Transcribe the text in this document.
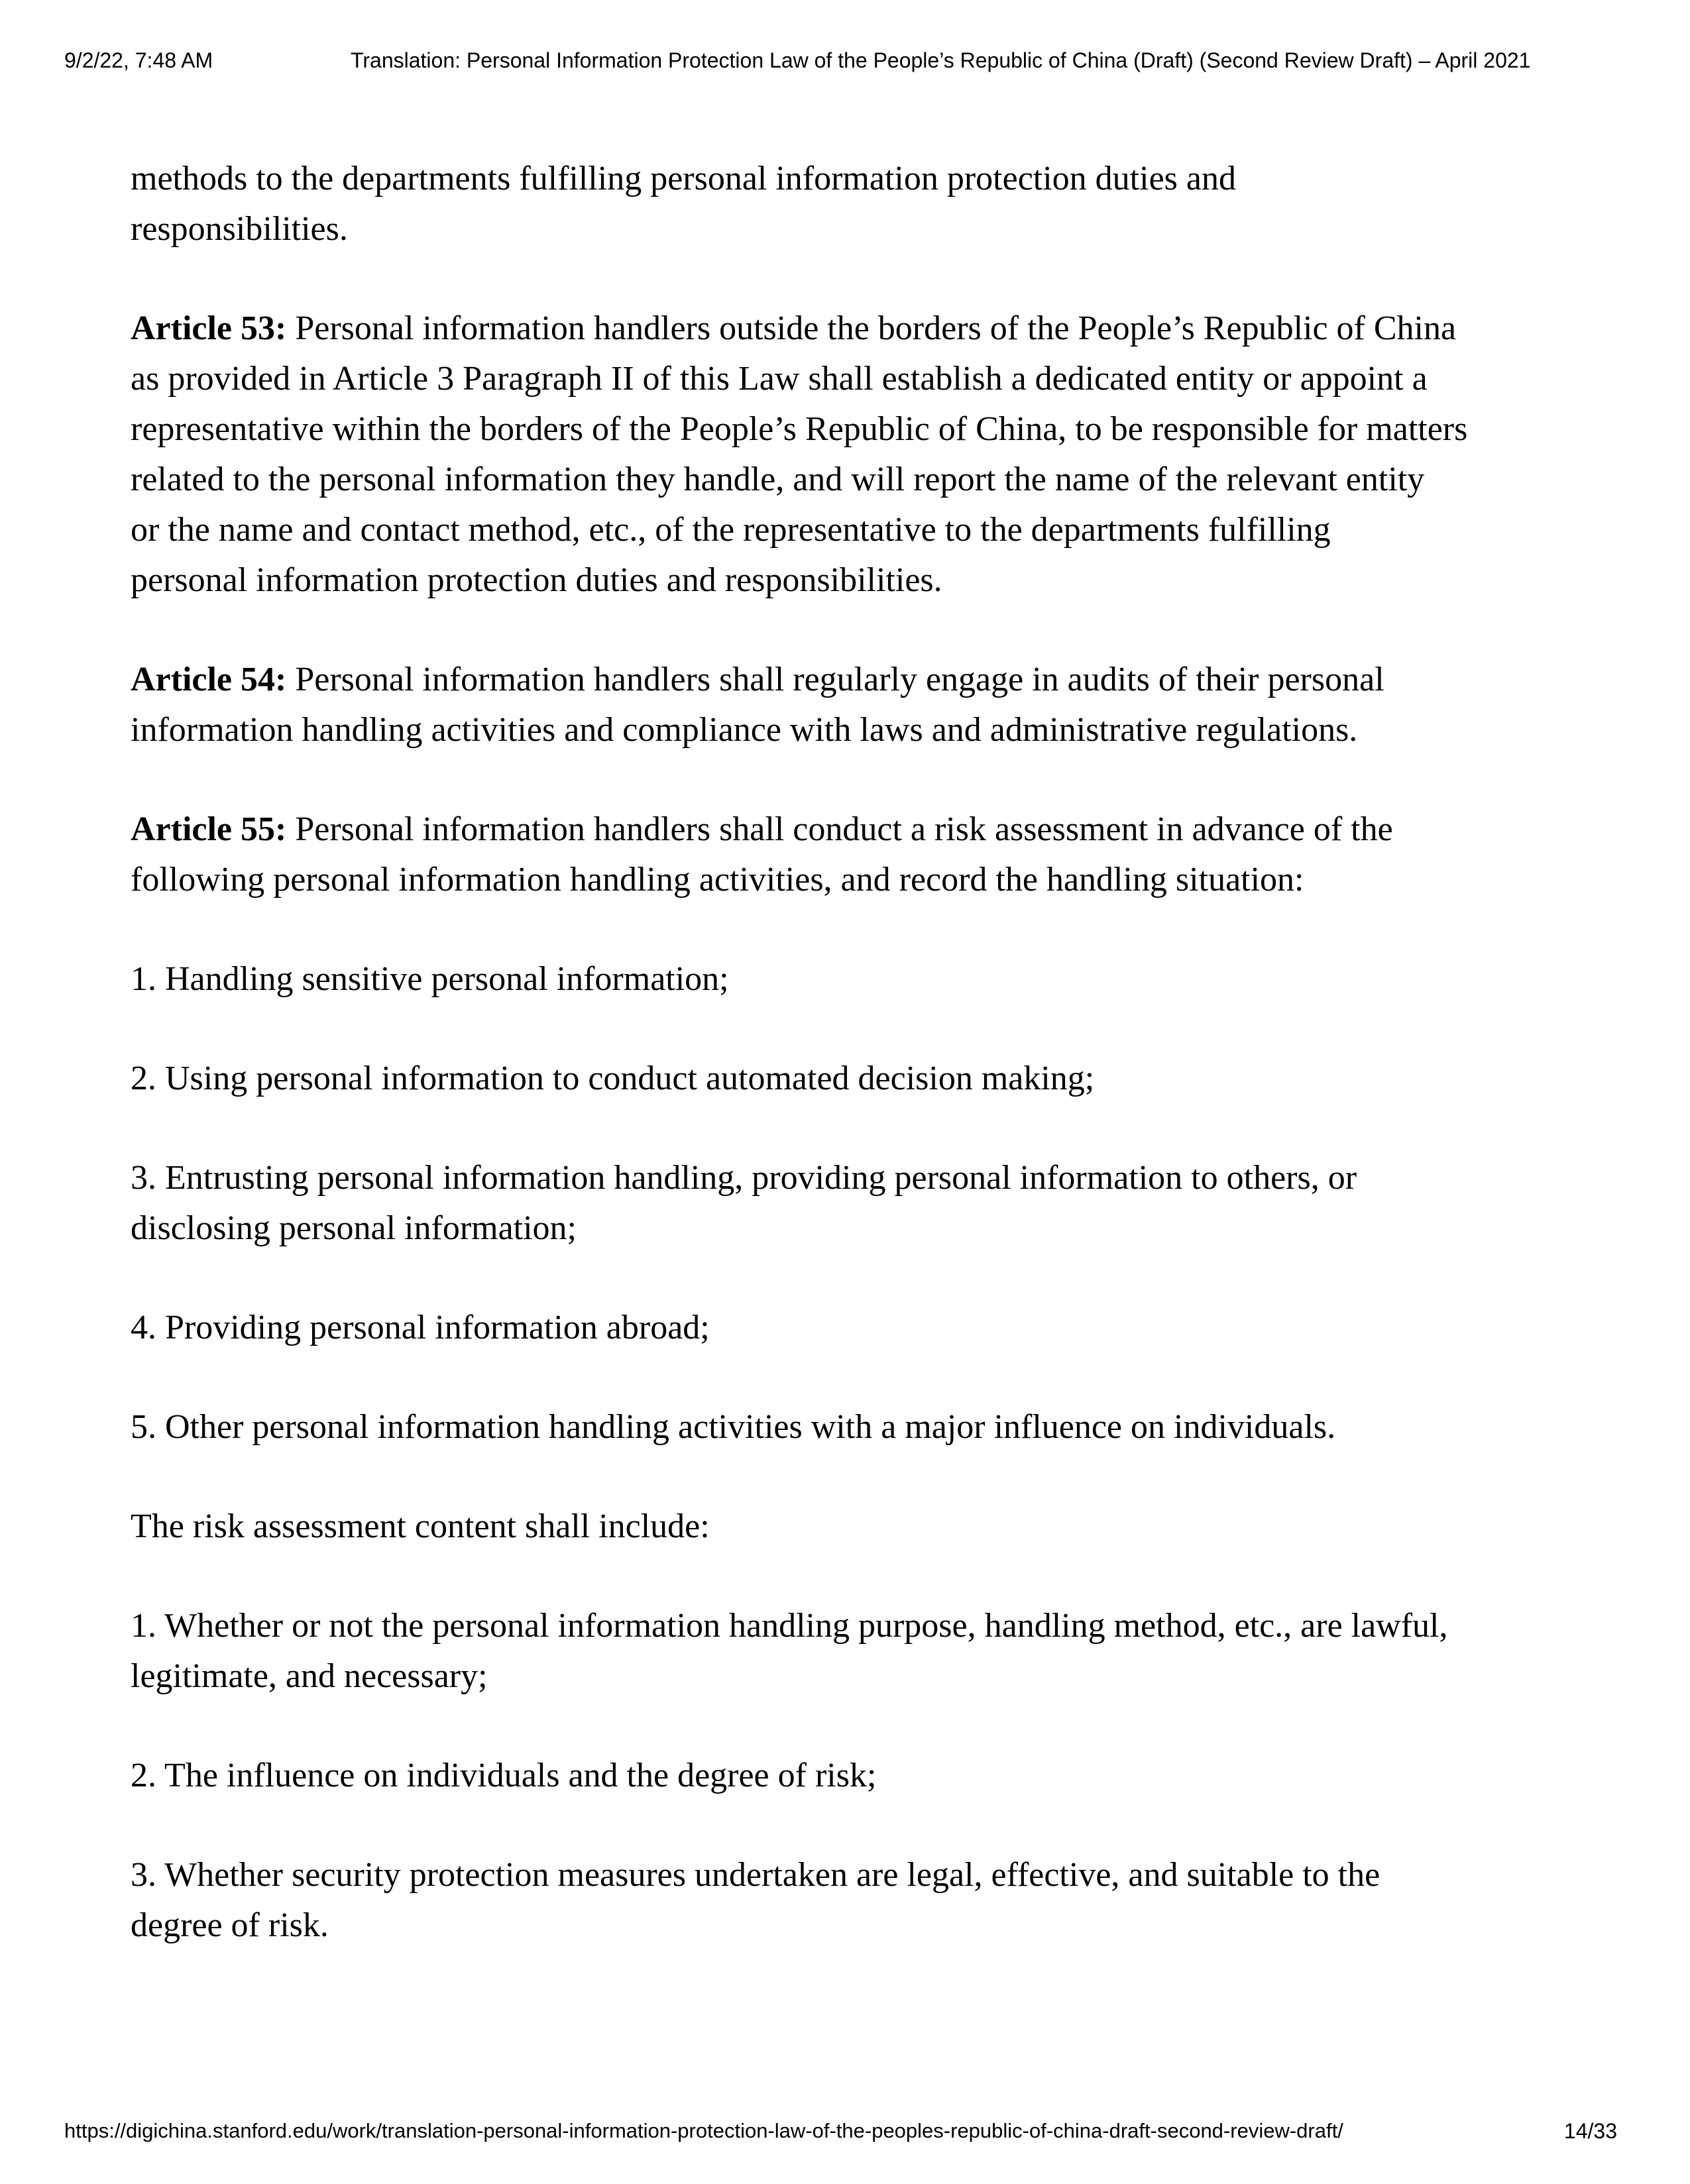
9/2/22, 7:48 AM	Translation: Personal Information Protection Law of the People’s Republic of China (Draft) (Second Review Draft) – April 2021

methods to the departments fulfilling personal information protection duties and
responsibilities.

Article 53: Personal information handlers outside the borders of the People’s Republic of China
as provided in Article 3 Paragraph II of this Law shall establish a dedicated entity or appoint a
representative within the borders of the People’s Republic of China, to be responsible for matters
related to the personal information they handle, and will report the name of the relevant entity
or the name and contact method, etc., of the representative to the departments fulfilling
personal information protection duties and responsibilities.

Article 54: Personal information handlers shall regularly engage in audits of their personal
information handling activities and compliance with laws and administrative regulations.

Article 55: Personal information handlers shall conduct a risk assessment in advance of the
following personal information handling activities, and record the handling situation:

1. Handling sensitive personal information;

2. Using personal information to conduct automated decision making;

3. Entrusting personal information handling, providing personal information to others, or
disclosing personal information;

4. Providing personal information abroad;

5. Other personal information handling activities with a major influence on individuals.

The risk assessment content shall include:

1. Whether or not the personal information handling purpose, handling method, etc., are lawful,
legitimate, and necessary;

2. The influence on individuals and the degree of risk;

3. Whether security protection measures undertaken are legal, effective, and suitable to the
degree of risk.

https://digichina.stanford.edu/work/translation-personal-information-protection-law-of-the-peoples-republic-of-china-draft-second-review-draft/	14/33
